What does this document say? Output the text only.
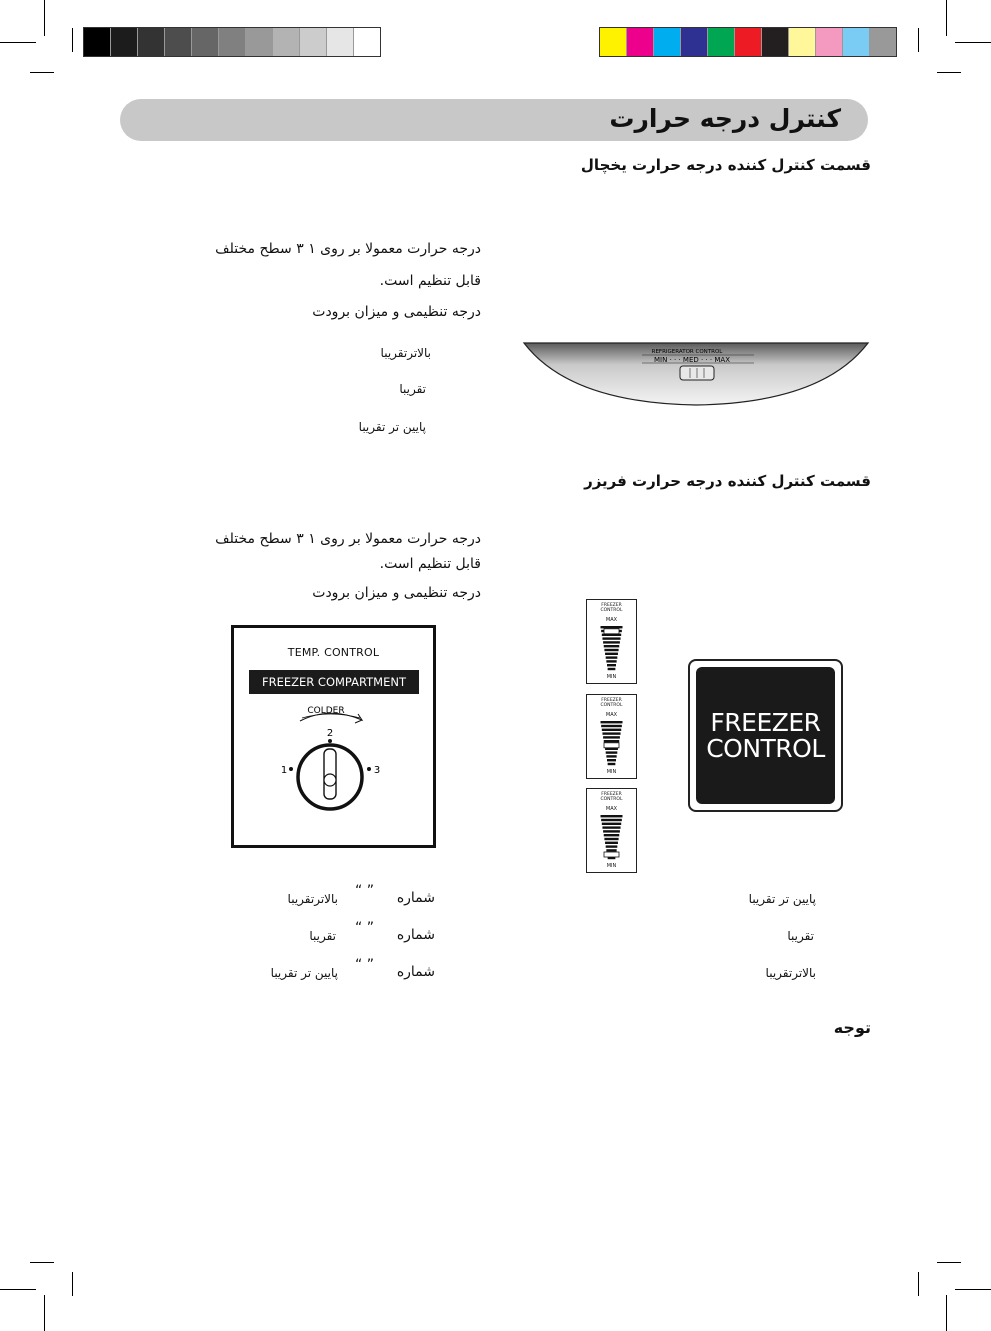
کنترل درجه حرارت
قسمت کنترل کننده درجه حرارت یخچال
درجه حرارت معمولا بر روی ۱ ۳ سطح مختلف
قابل تنظیم است.
درجه تنظیمی و میزان برودت
بالاترتقریبا
تقریبا
پایین تر تقریبا
REFRIGERATOR CONTROL
MIN · · · MED · · · MAX
قسمت کنترل کننده درجه حرارت فریزر
درجه حرارت معمولا بر روی ۱ ۳ سطح مختلف
قابل تنظیم است.
درجه تنظیمی و میزان برودت
TEMP. CONTROL
FREEZER COMPARTMENT
COLDER
2
1	3
شماره
“ ”
بالاترتقریبا
شماره
“ ”
تقریبا
شماره
“ ”
پایین تر تقریبا
FREEZER
CONTROL
MAX
MIN
FREEZER
CONTROL
MAX
MIN
FREEZER
CONTROL
MAX
MIN
FREEZER
CONTROL
پایین تر تقریبا
تقریبا
بالاترتقریبا
توجه
